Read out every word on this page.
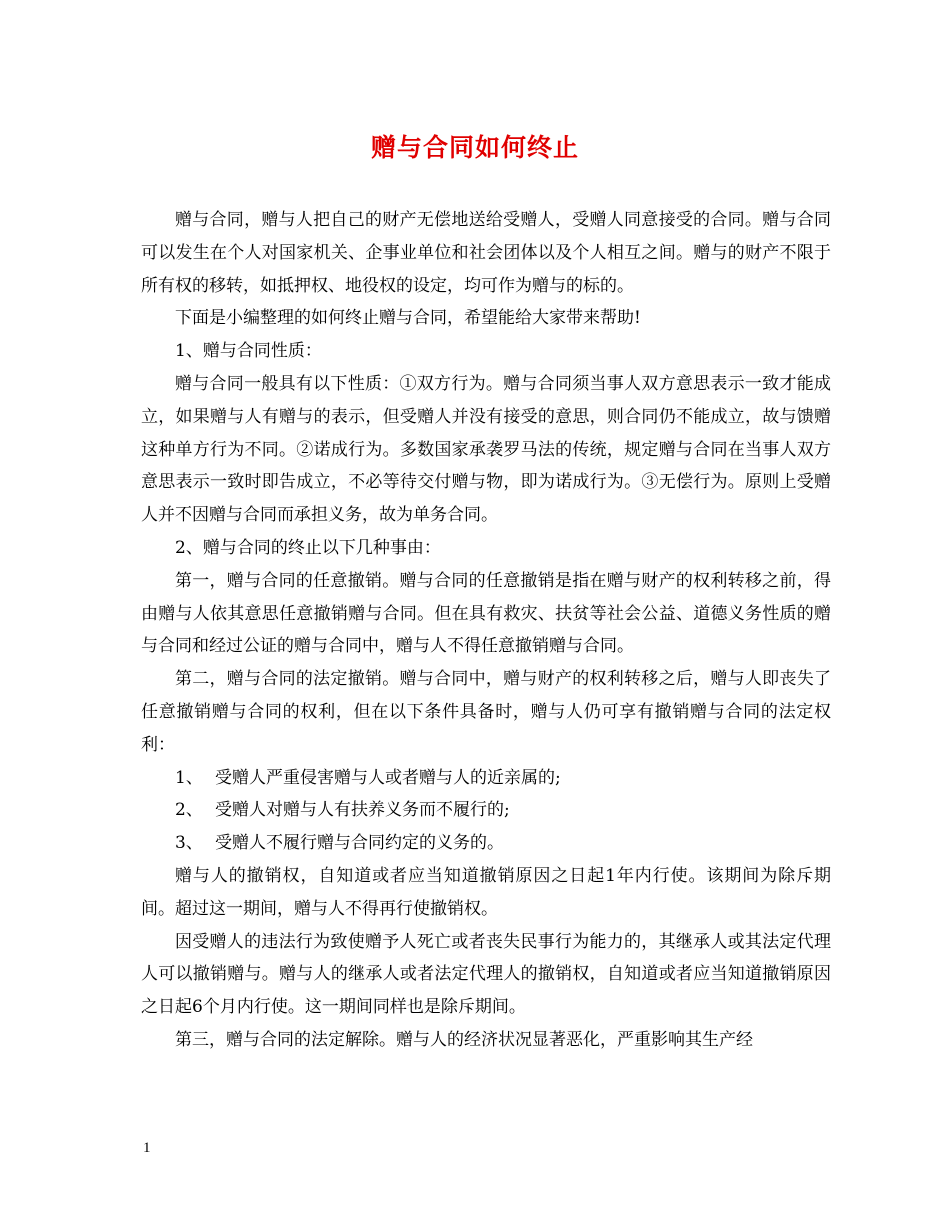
赠与合同如何终止

赠与合同，赠与人把自己的财产无偿地送给受赠人，受赠人同意接受的合同。赠与合同可以发生在个人对国家机关、企事业单位和社会团体以及个人相互之间。赠与的财产不限于所有权的移转，如抵押权、地役权的设定，均可作为赠与的标的。

下面是小编整理的如何终止赠与合同，希望能给大家带来帮助!

1、赠与合同性质：

赠与合同一般具有以下性质：①双方行为。赠与合同须当事人双方意思表示一致才能成立，如果赠与人有赠与的表示，但受赠人并没有接受的意思，则合同仍不能成立，故与馈赠这种单方行为不同。②诺成行为。多数国家承袭罗马法的传统，规定赠与合同在当事人双方意思表示一致时即告成立，不必等待交付赠与物，即为诺成行为。③无偿行为。原则上受赠人并不因赠与合同而承担义务，故为单务合同。

2、赠与合同的终止以下几种事由：

第一，赠与合同的任意撤销。赠与合同的任意撤销是指在赠与财产的权利转移之前，得由赠与人依其意思任意撤销赠与合同。但在具有救灾、扶贫等社会公益、道德义务性质的赠与合同和经过公证的赠与合同中，赠与人不得任意撤销赠与合同。

第二，赠与合同的法定撤销。赠与合同中，赠与财产的权利转移之后，赠与人即丧失了任意撤销赠与合同的权利，但在以下条件具备时，赠与人仍可享有撤销赠与合同的法定权利：

1、 受赠人严重侵害赠与人或者赠与人的近亲属的;

2、 受赠人对赠与人有扶养义务而不履行的;

3、 受赠人不履行赠与合同约定的义务的。

赠与人的撤销权，自知道或者应当知道撤销原因之日起1年内行使。该期间为除斥期间。超过这一期间，赠与人不得再行使撤销权。

因受赠人的违法行为致使赠予人死亡或者丧失民事行为能力的，其继承人或其法定代理人可以撤销赠与。赠与人的继承人或者法定代理人的撤销权，自知道或者应当知道撤销原因之日起6个月内行使。这一期间同样也是除斥期间。

第三，赠与合同的法定解除。赠与人的经济状况显著恶化，严重影响其生产经

1
